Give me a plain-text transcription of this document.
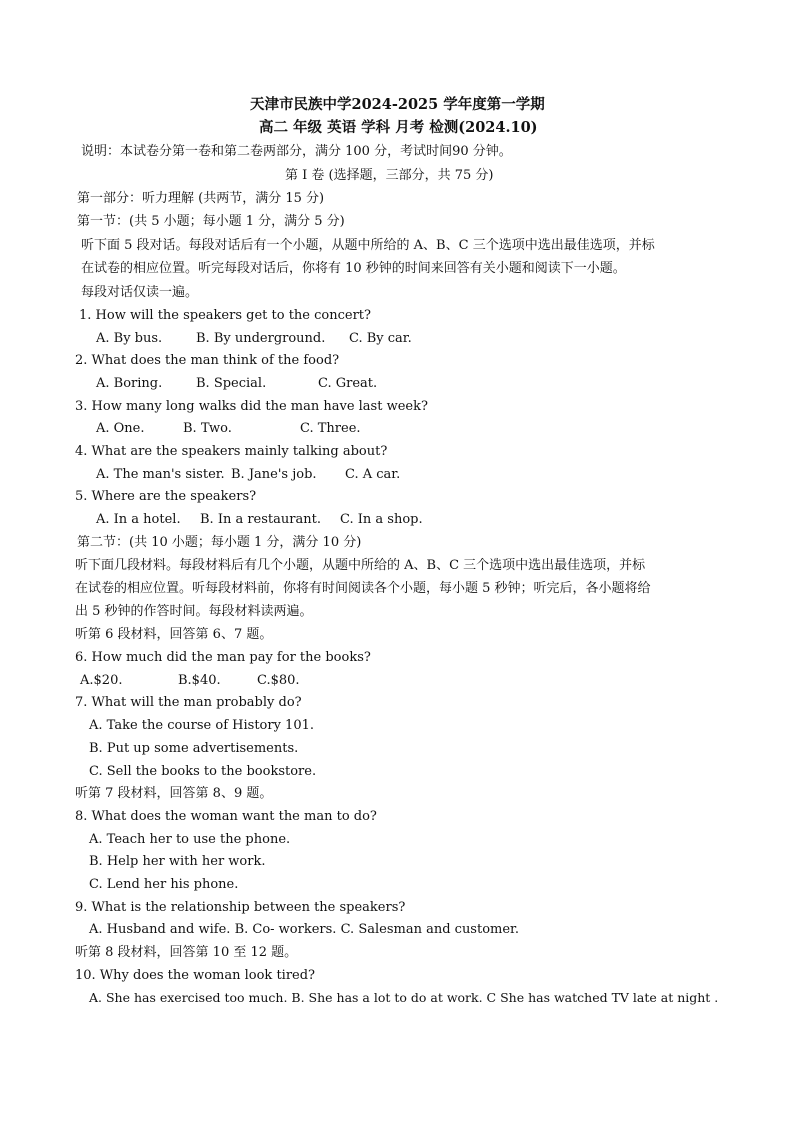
天津市民族中学2024-2025 学年度第一学期
高二 年级 英语 学科 月考 检测(2024.10)
说明：本试卷分第一卷和第二卷两部分，满分 100 分，考试时间90 分钟。
第 I 卷 (选择题，三部分，共 75 分)
第一部分：听力理解 (共两节，满分 15 分)
第一节：(共 5 小题；每小题 1 分，满分 5 分)
听下面 5 段对话。每段对话后有一个小题，从题中所给的 A、B、C 三个选项中选出最佳选项，并标
在试卷的相应位置。听完每段对话后，你将有 10 秒钟的时间来回答有关小题和阅读下一小题。
每段对话仅读一遍。
1. How will the speakers get to the concert?
A. By bus.	B. By underground. C. By car.
2. What does the man think of the food?
A. Boring.	B. Special.	C. Great.
3. How many long walks did the man have last week?
A. One.	B. Two.	C. Three.
4. What are the speakers mainly talking about?
A. The man's sister. B. Jane's job. C. A car.
5. Where are the speakers?
A. In a hotel. B. In a restaurant. C. In a shop.
第二节：(共 10 小题；每小题 1 分，满分 10 分)
听下面几段材料。每段材料后有几个小题，从题中所给的 A、B、C 三个选项中选出最佳选项，并标
在试卷的相应位置。听每段材料前，你将有时间阅读各个小题，每小题 5 秒钟；听完后，各小题将给
出 5 秒钟的作答时间。每段材料读两遍。
听第 6 段材料，回答第 6、7 题。
6. How much did the man pay for the books?
A.$20.	B.$40.	C.$80.
7. What will the man probably do?
A. Take the course of History 101.
B. Put up some advertisements.
C. Sell the books to the bookstore.
听第 7 段材料，回答第 8、9 题。
8. What does the woman want the man to do?
A. Teach her to use the phone.
B. Help her with her work.
C. Lend her his phone.
9. What is the relationship between the speakers?
A. Husband and wife. B. Co- workers. C. Salesman and customer.
听第 8 段材料，回答第 10 至 12 题。
10. Why does the woman look tired?
A. She has exercised too much. B. She has a lot to do at work. C She has watched TV late at night .
